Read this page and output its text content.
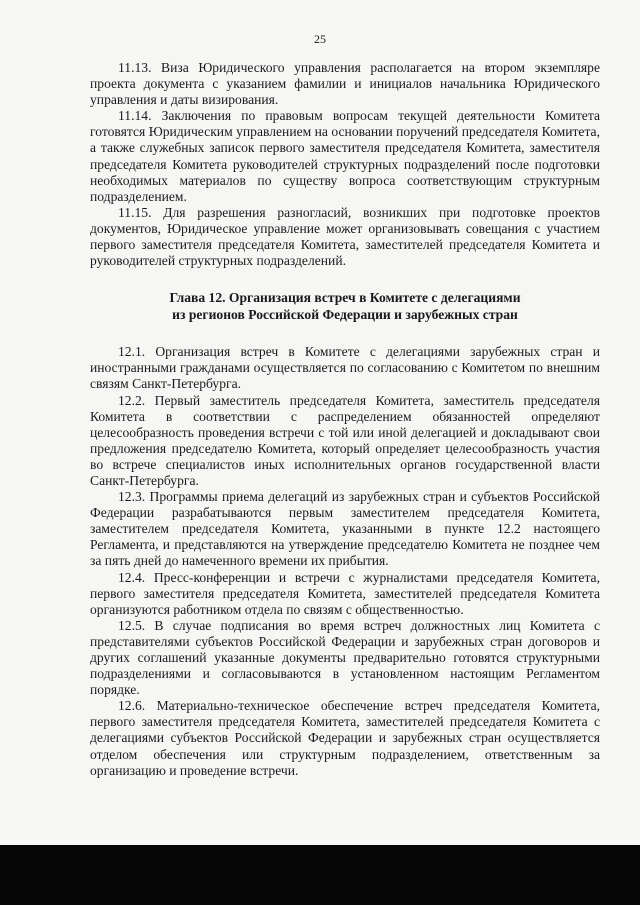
25

11.13. Виза Юридического управления располагается на втором экземпляре проекта документа с указанием фамилии и инициалов начальника Юридического управления и даты визирования.

11.14. Заключения по правовым вопросам текущей деятельности Комитета готовятся Юридическим управлением на основании поручений председателя Комитета, а также служебных записок первого заместителя председателя Комитета, заместителя председателя Комитета руководителей структурных подразделений после подготовки необходимых материалов по существу вопроса соответствующим структурным подразделением.

11.15. Для разрешения разногласий, возникших при подготовке проектов документов, Юридическое управление может организовывать совещания с участием первого заместителя председателя Комитета, заместителей председателя Комитета и руководителей структурных подразделений.

Глава 12. Организация встреч в Комитете с делегациями
из регионов Российской Федерации и зарубежных стран

12.1. Организация встреч в Комитете с делегациями зарубежных стран и иностранными гражданами осуществляется по согласованию с Комитетом по внешним связям Санкт-Петербурга.

12.2. Первый заместитель председателя Комитета, заместитель председателя Комитета в соответствии с распределением обязанностей определяют целесообразность проведения встречи с той или иной делегацией и докладывают свои предложения председателю Комитета, который определяет целесообразность участия во встрече специалистов иных исполнительных органов государственной власти Санкт-Петербурга.

12.3. Программы приема делегаций из зарубежных стран и субъектов Российской Федерации разрабатываются первым заместителем председателя Комитета, заместителем председателя Комитета, указанными в пункте 12.2 настоящего Регламента, и представляются на утверждение председателю Комитета не позднее чем за пять дней до намеченного времени их прибытия.

12.4. Пресс-конференции и встречи с журналистами председателя Комитета, первого заместителя председателя Комитета, заместителей председателя Комитета организуются работником отдела по связям с общественностью.

12.5. В случае подписания во время встреч должностных лиц Комитета с представителями субъектов Российской Федерации и зарубежных стран договоров и других соглашений указанные документы предварительно готовятся структурными подразделениями и согласовываются в установленном настоящим Регламентом порядке.

12.6. Материально-техническое обеспечение встреч председателя Комитета, первого заместителя председателя Комитета, заместителей председателя Комитета с делегациями субъектов Российской Федерации и зарубежных стран осуществляется отделом обеспечения или структурным подразделением, ответственным за организацию и проведение встречи.
